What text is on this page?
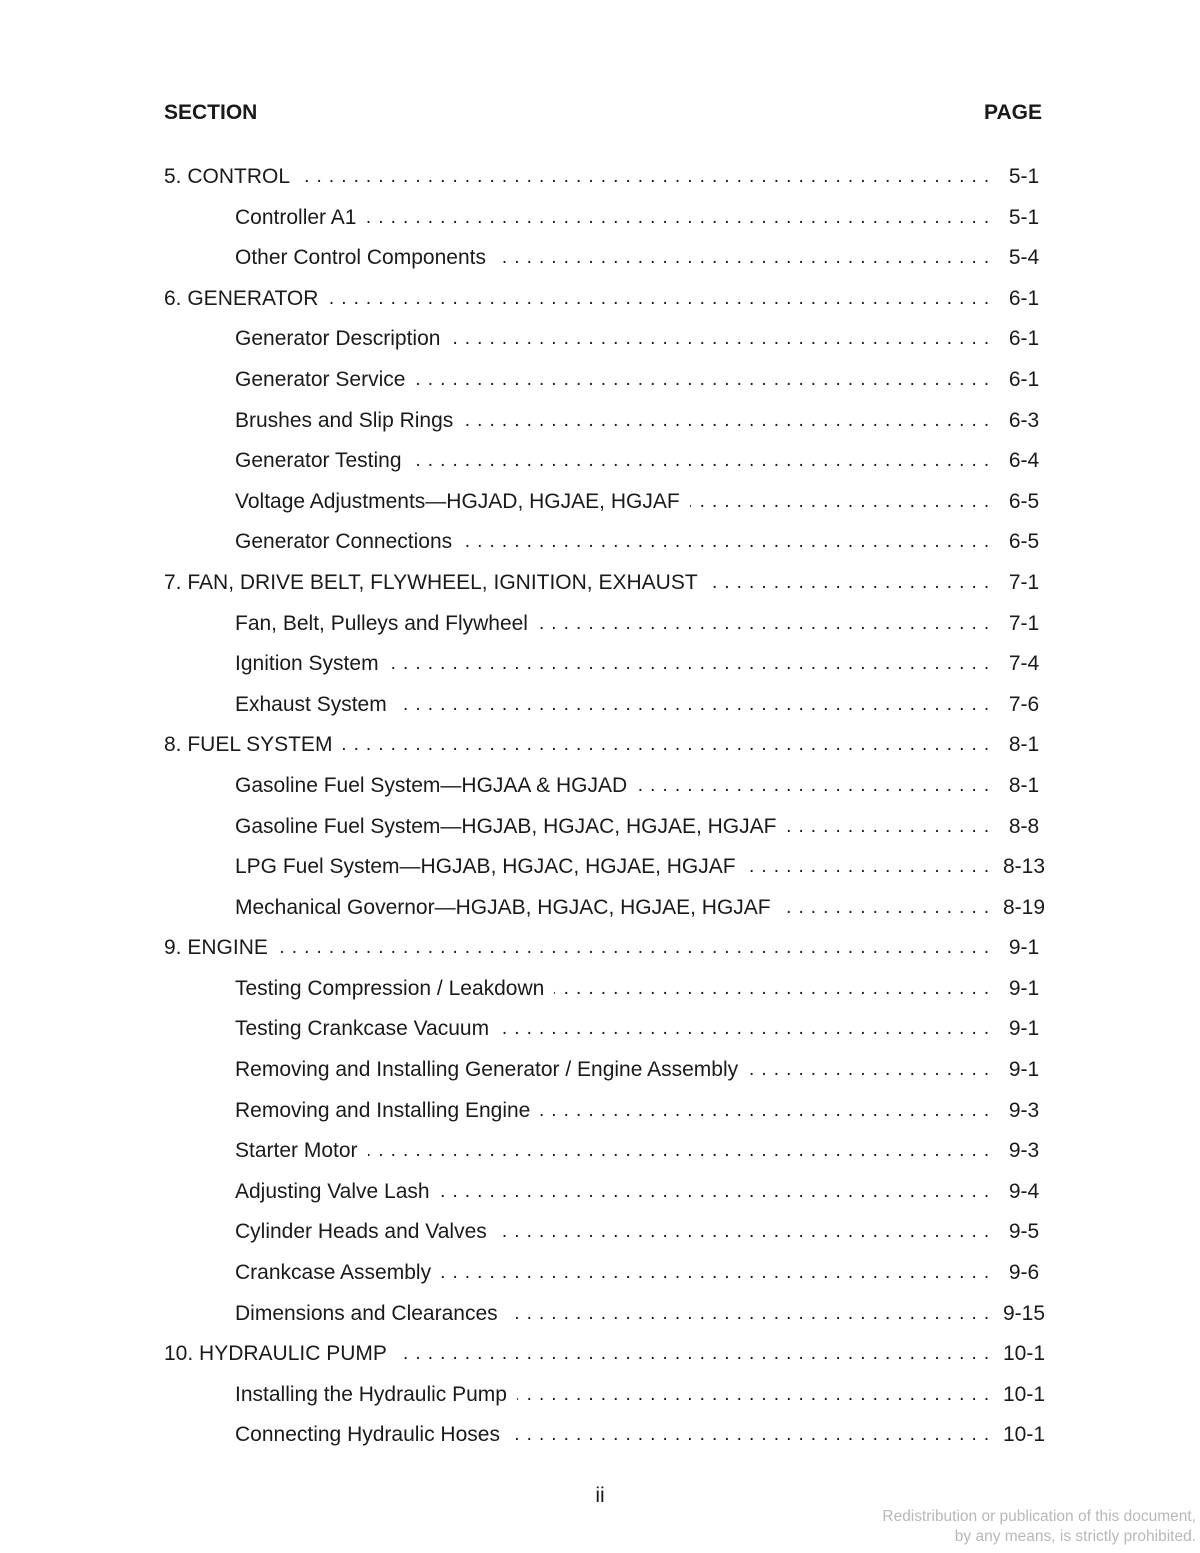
SECTION	PAGE
5. CONTROL . . .	5-1
Controller A1 . . .	5-1
Other Control Components . . .	5-4
6. GENERATOR . . .	6-1
Generator Description . . .	6-1
Generator Service . . .	6-1
Brushes and Slip Rings . . .	6-3
Generator Testing . . .	6-4
Voltage Adjustments—HGJAD, HGJAE, HGJAF . . .	6-5
Generator Connections . . .	6-5
7. FAN, DRIVE BELT, FLYWHEEL, IGNITION, EXHAUST . . .	7-1
Fan, Belt, Pulleys and Flywheel . . .	7-1
Ignition System . . .	7-4
Exhaust System . . .	7-6
8. FUEL SYSTEM . . .	8-1
Gasoline Fuel System—HGJAA & HGJAD . . .	8-1
Gasoline Fuel System—HGJAB, HGJAC, HGJAE, HGJAF . . .	8-8
LPG Fuel System—HGJAB, HGJAC, HGJAE, HGJAF . . .	8-13
Mechanical Governor—HGJAB, HGJAC, HGJAE, HGJAF . . .	8-19
9. ENGINE . . .	9-1
Testing Compression / Leakdown . . .	9-1
Testing Crankcase Vacuum . . .	9-1
Removing and Installing Generator / Engine Assembly . . .	9-1
Removing and Installing Engine . . .	9-3
Starter Motor . . .	9-3
Adjusting Valve Lash . . .	9-4
Cylinder Heads and Valves . . .	9-5
Crankcase Assembly . . .	9-6
Dimensions and Clearances . . .	9-15
10. HYDRAULIC PUMP . . .	10-1
Installing the Hydraulic Pump . . .	10-1
Connecting Hydraulic Hoses . . .	10-1
ii
Redistribution or publication of this document,
by any means, is strictly prohibited.
